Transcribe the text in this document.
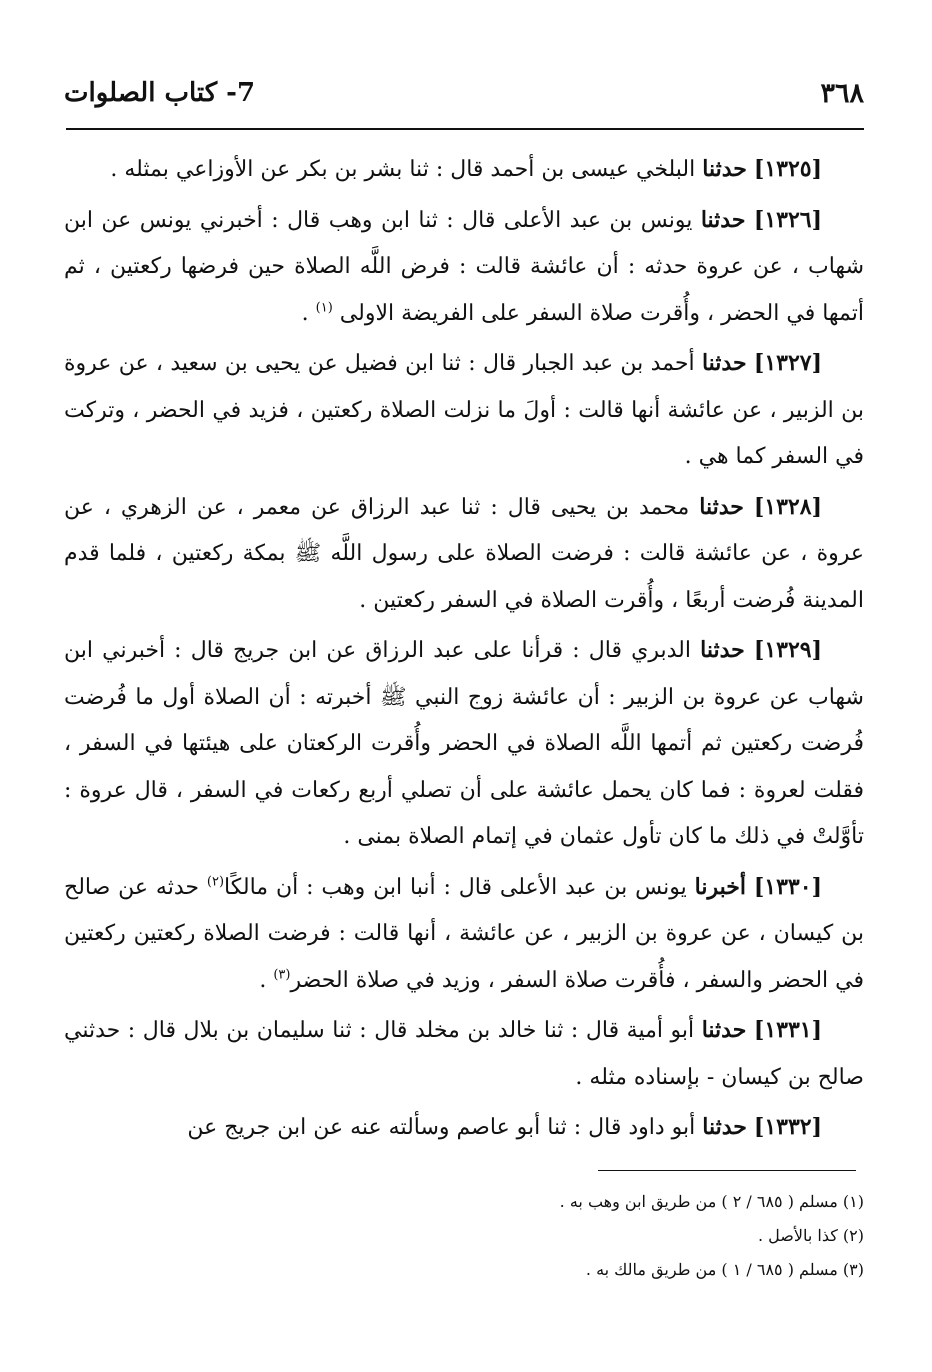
٣٦٨
7- كتاب الصلوات

[١٣٢٥] حدثنا البلخي عيسى بن أحمد قال : ثنا بشر بن بكر عن الأوزاعي بمثله .

[١٣٢٦] حدثنا يونس بن عبد الأعلى قال : ثنا ابن وهب قال : أخبرني يونس عن ابن شهاب ، عن عروة حدثه : أن عائشة قالت : فرض اللَّه الصلاة حين فرضها ركعتين ، ثم أتمها في الحضر ، وأُقرت صلاة السفر على الفريضة الاولى $^{(١)}$ .

[١٣٢٧] حدثنا أحمد بن عبد الجبار قال : ثنا ابن فضيل عن يحيى بن سعيد ، عن عروة بن الزبير ، عن عائشة أنها قالت : أولَ ما نزلت الصلاة ركعتين ، فزيد في الحضر ، وتركت في السفر كما هي .

[١٣٢٨] حدثنا محمد بن يحيى قال : ثنا عبد الرزاق عن معمر ، عن الزهري ، عن عروة ، عن عائشة قالت : فرضت الصلاة على رسول اللَّه ﷺ بمكة ركعتين ، فلما قدم المدينة فُرضت أربعًا ، وأُقرت الصلاة في السفر ركعتين .

[١٣٢٩] حدثنا الدبري قال : قرأنا على عبد الرزاق عن ابن جريج قال : أخبرني ابن شهاب عن عروة بن الزبير : أن عائشة زوج النبي ﷺ أخبرته : أن الصلاة أول ما فُرضت فُرضت ركعتين ثم أتمها اللَّه الصلاة في الحضر وأُقرت الركعتان على هيئتها في السفر ، فقلت لعروة : فما كان يحمل عائشة على أن تصلي أربع ركعات في السفر ، قال عروة : تأوَّلتْ في ذلك ما كان تأول عثمان في إتمام الصلاة بمنى .

[١٣٣٠] أخبرنا يونس بن عبد الأعلى قال : أنبا ابن وهب : أن مالكًا$^{(٢)}$ حدثه عن صالح بن كيسان ، عن عروة بن الزبير ، عن عائشة ، أنها قالت : فرضت الصلاة ركعتين ركعتين في الحضر والسفر ، فأُقرت صلاة السفر ، وزيد في صلاة الحضر$^{(٣)}$ .

[١٣٣١] حدثنا أبو أمية قال : ثنا خالد بن مخلد قال : ثنا سليمان بن بلال قال : حدثني صالح بن كيسان - بإسناده مثله .

[١٣٣٢] حدثنا أبو داود قال : ثنا أبو عاصم وسألته عنه عن ابن جريج عن

(١) مسلم ( ٦٨٥ / ٢ ) من طريق ابن وهب به .

(٢) كذا بالأصل .

(٣) مسلم ( ٦٨٥ / ١ ) من طريق مالك به .
